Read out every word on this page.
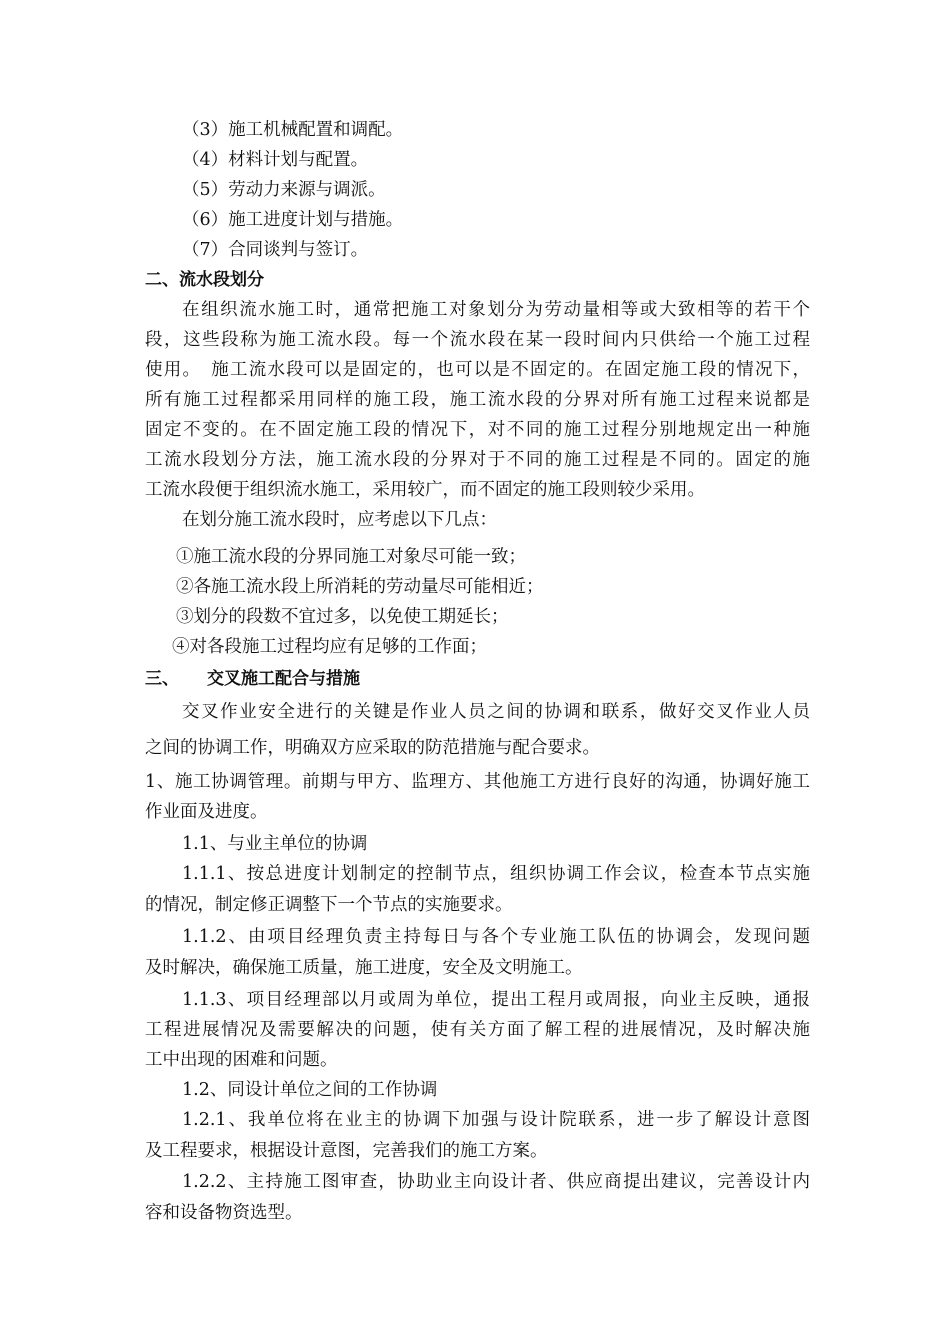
（3）施工机械配置和调配。
（4）材料计划与配置。
（5）劳动力来源与调派。
（6）施工进度计划与措施。
（7）合同谈判与签订。
二、流水段划分
在组织流水施工时，通常把施工对象划分为劳动量相等或大致相等的若干个
段，这些段称为施工流水段。每一个流水段在某一段时间内只供给一个施工过程
使用。　施工流水段可以是固定的，也可以是不固定的。在固定施工段的情况下，
所有施工过程都采用同样的施工段，施工流水段的分界对所有施工过程来说都是
固定不变的。在不固定施工段的情况下，对不同的施工过程分别地规定出一种施
工流水段划分方法，施工流水段的分界对于不同的施工过程是不同的。固定的施
工流水段便于组织流水施工，采用较广，而不固定的施工段则较少采用。
在划分施工流水段时，应考虑以下几点：
①施工流水段的分界同施工对象尽可能一致；
②各施工流水段上所消耗的劳动量尽可能相近；
③划分的段数不宜过多，以免使工期延长；
④对各段施工过程均应有足够的工作面；
三、 交叉施工配合与措施
交叉作业安全进行的关键是作业人员之间的协调和联系，做好交叉作业人员
之间的协调工作，明确双方应采取的防范措施与配合要求。
1、施工协调管理。前期与甲方、监理方、其他施工方进行良好的沟通，协调好施工
作业面及进度。
1.1、与业主单位的协调
1.1.1、按总进度计划制定的控制节点，组织协调工作会议，检查本节点实施
的情况，制定修正调整下一个节点的实施要求。
1.1.2、由项目经理负责主持每日与各个专业施工队伍的协调会，发现问题
及时解决，确保施工质量，施工进度，安全及文明施工。
1.1.3、项目经理部以月或周为单位，提出工程月或周报，向业主反映，通报
工程进展情况及需要解决的问题，使有关方面了解工程的进展情况，及时解决施
工中出现的困难和问题。
1.2、同设计单位之间的工作协调
1.2.1、我单位将在业主的协调下加强与设计院联系，进一步了解设计意图
及工程要求，根据设计意图，完善我们的施工方案。
1.2.2、主持施工图审查，协助业主向设计者、供应商提出建议，完善设计内
容和设备物资选型。
